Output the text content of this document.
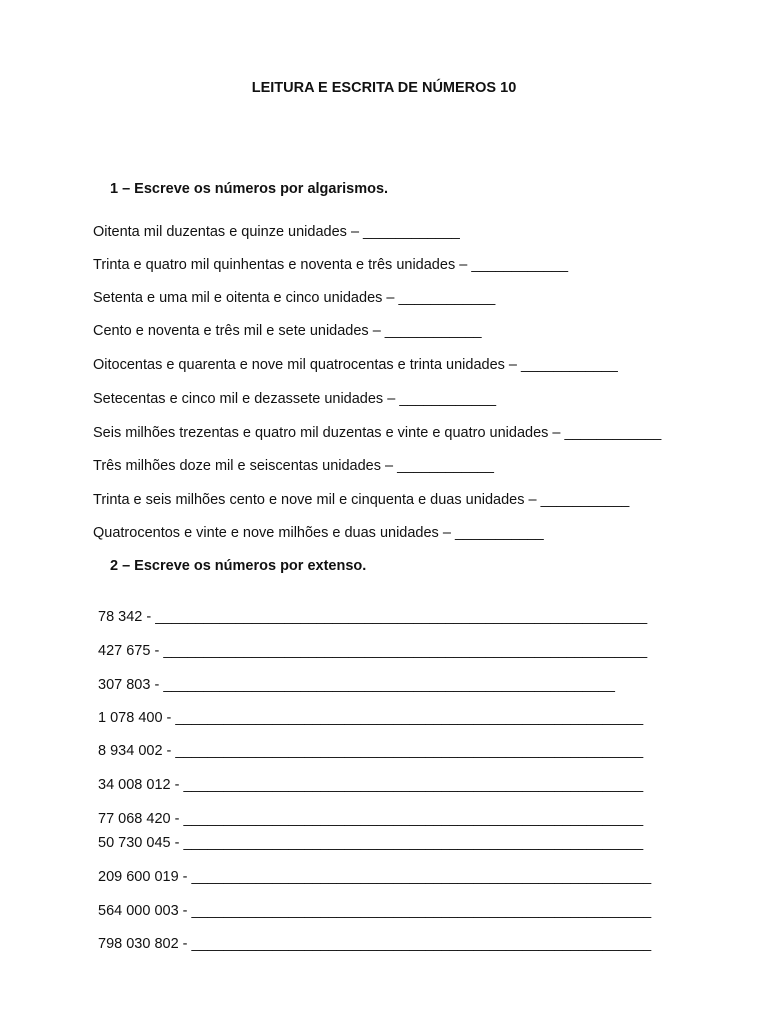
LEITURA E ESCRITA DE NÚMEROS 10

1 – Escreve os números por algarismos.

Oitenta mil duzentas e quinze unidades – ____________

Trinta e quatro mil quinhentas e noventa e três unidades – ____________

Setenta e uma mil e oitenta e cinco unidades – ____________

Cento e noventa e três mil e sete unidades – ____________

Oitocentas e quarenta e nove mil quatrocentas e trinta unidades – ____________

Setecentas e cinco mil e dezassete unidades – ____________

Seis milhões trezentas e quatro mil duzentas e vinte e quatro unidades – ____________

Três milhões doze mil e seiscentas unidades – ____________

Trinta e seis milhões cento e nove mil e cinquenta e duas unidades – ___________

Quatrocentos e vinte e nove milhões e duas unidades – ___________

2 – Escreve os números por extenso.

78 342 - _____________________________________________________________

427 675 - ____________________________________________________________

307 803 - ________________________________________________________

1 078 400 - __________________________________________________________

8 934 002 - __________________________________________________________

34 008 012 - _________________________________________________________

77 068 420 - _________________________________________________________

50 730 045 - _________________________________________________________

209 600 019 - _________________________________________________________

564 000 003 - _________________________________________________________

798 030 802 - _________________________________________________________
